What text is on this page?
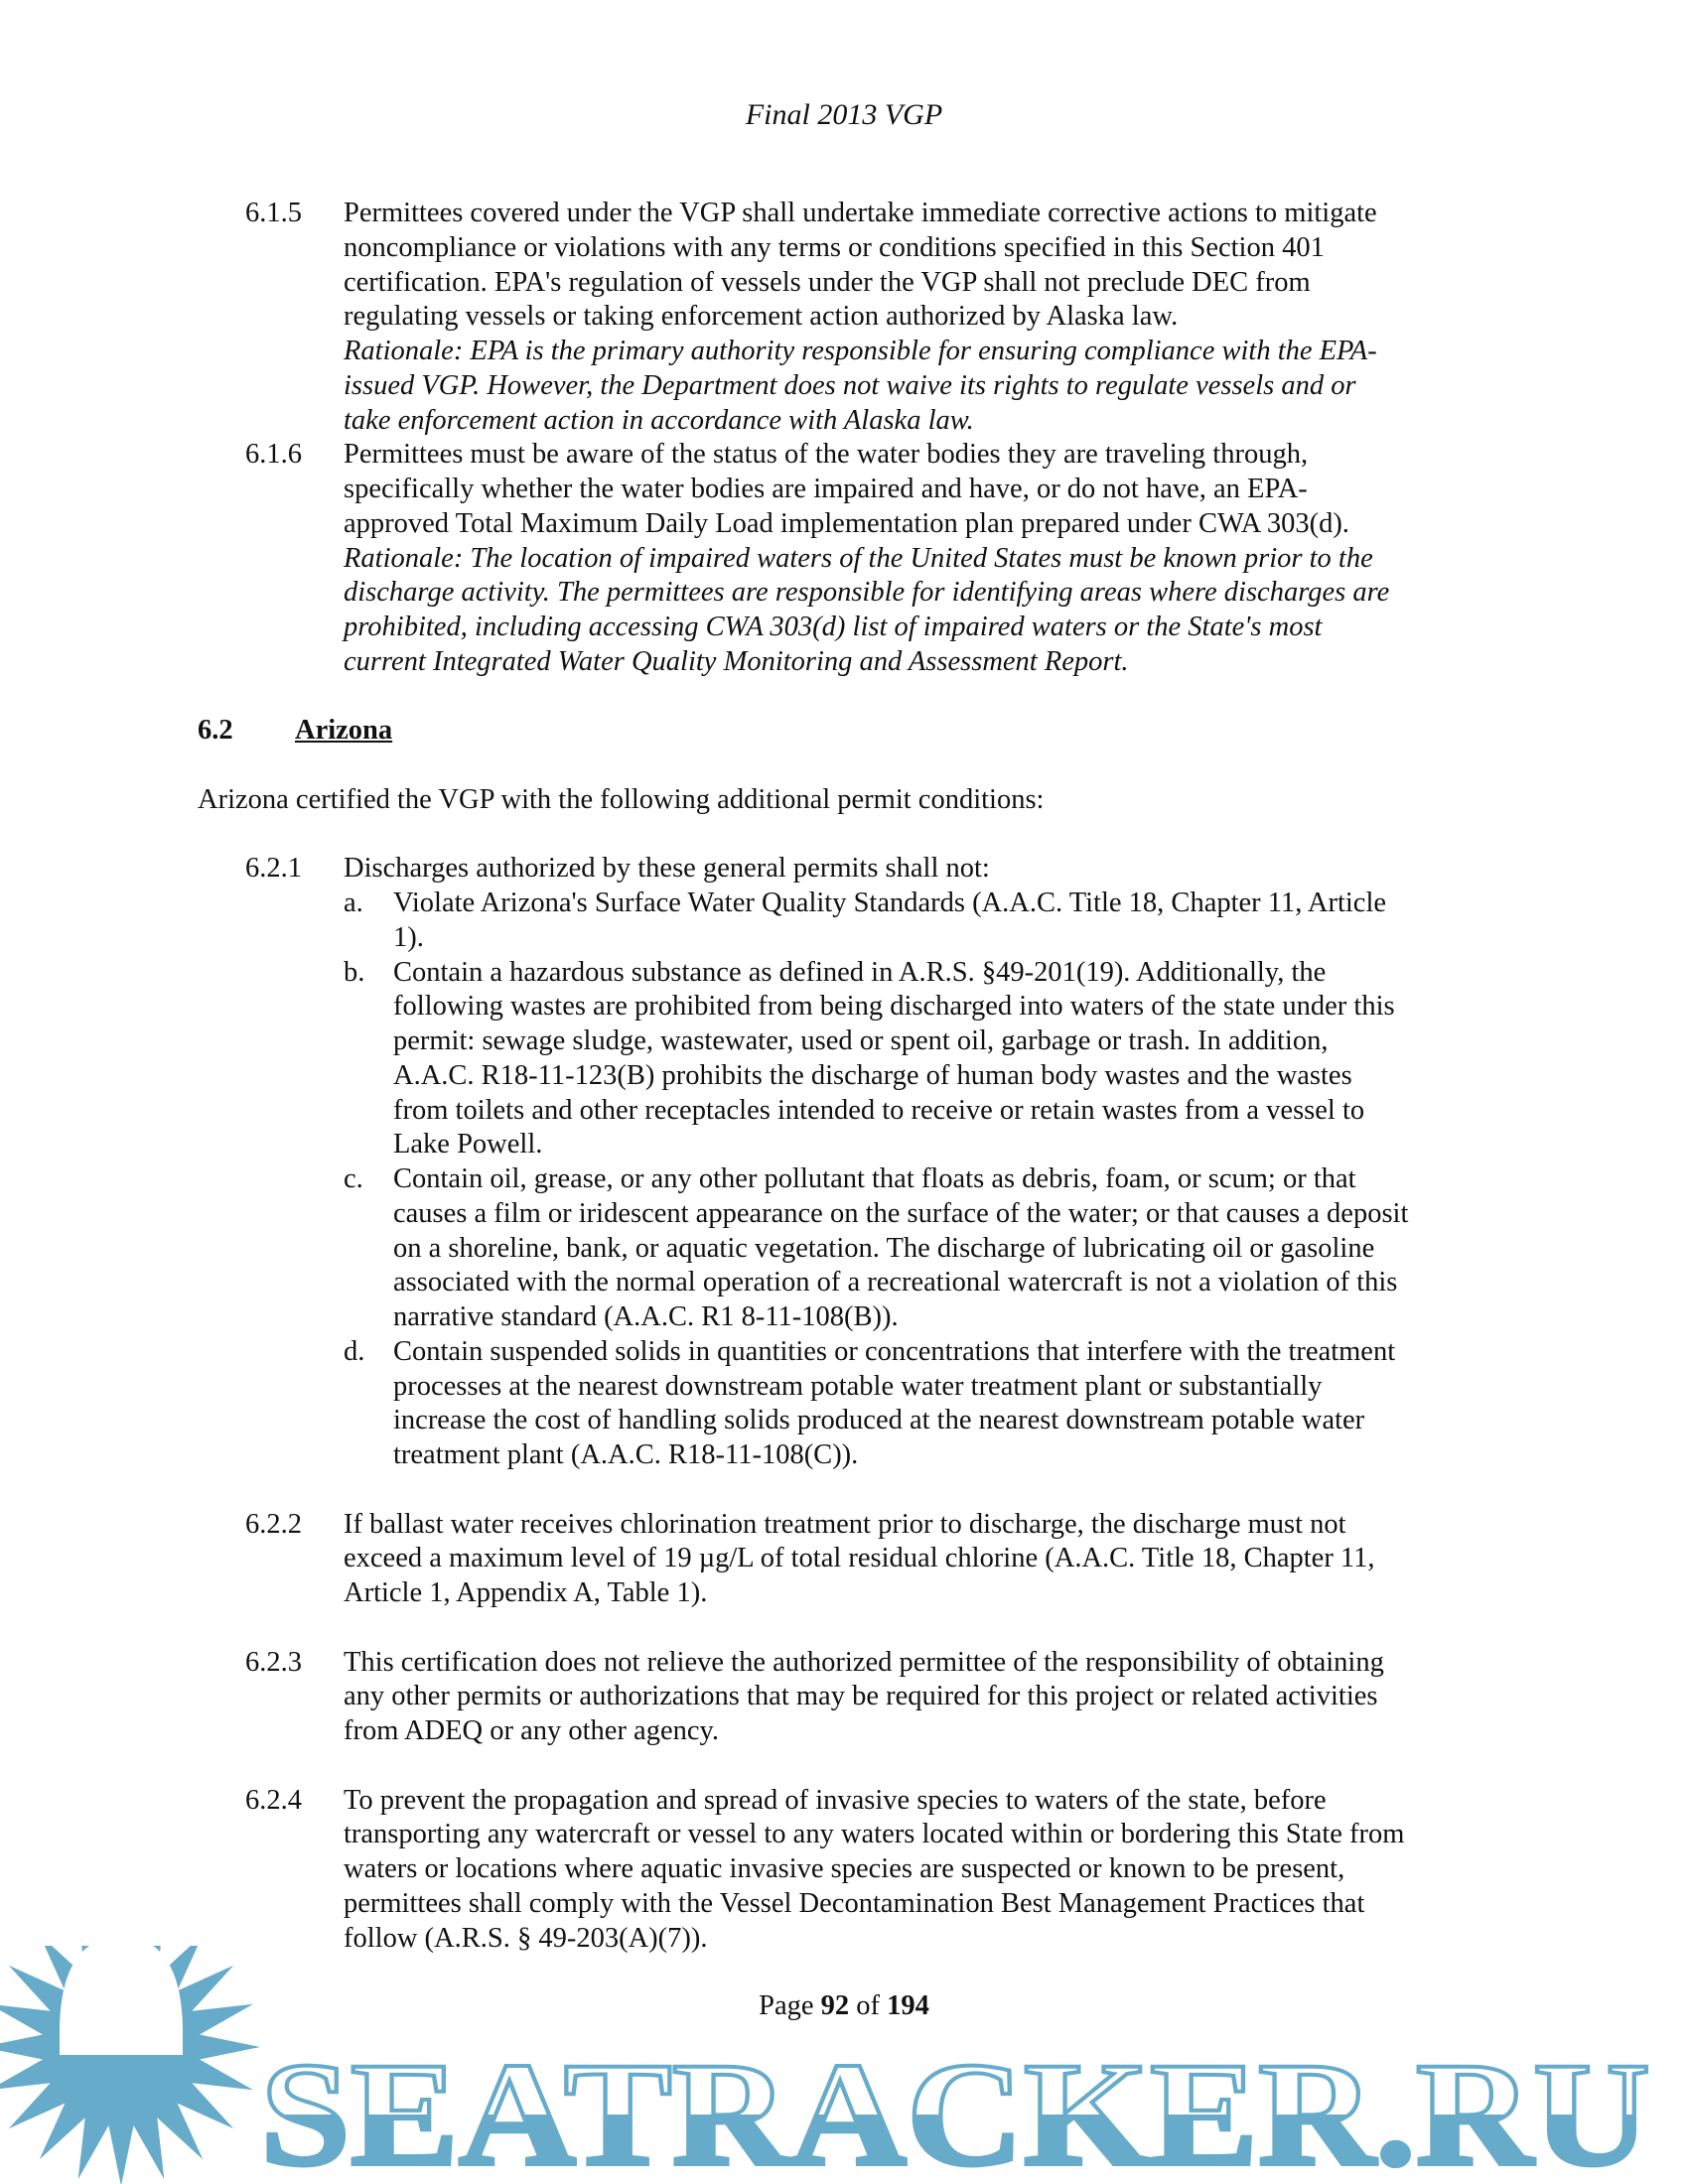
Final 2013 VGP
6.1.5 Permittees covered under the VGP shall undertake immediate corrective actions to mitigate
noncompliance or violations with any terms or conditions specified in this Section 401
certification. EPA's regulation of vessels under the VGP shall not preclude DEC from
regulating vessels or taking enforcement action authorized by Alaska law.
Rationale: EPA is the primary authority responsible for ensuring compliance with the EPA-
issued VGP. However, the Department does not waive its rights to regulate vessels and or
take enforcement action in accordance with Alaska law.
6.1.6 Permittees must be aware of the status of the water bodies they are traveling through,
specifically whether the water bodies are impaired and have, or do not have, an EPA-
approved Total Maximum Daily Load implementation plan prepared under CWA 303(d).
Rationale: The location of impaired waters of the United States must be known prior to the
discharge activity. The permittees are responsible for identifying areas where discharges are
prohibited, including accessing CWA 303(d) list of impaired waters or the State's most
current Integrated Water Quality Monitoring and Assessment Report.
6.2 Arizona

Arizona certified the VGP with the following additional permit conditions:
6.2.1 Discharges authorized by these general permits shall not:
a. Violate Arizona's Surface Water Quality Standards (A.A.C. Title 18, Chapter 11, Article
1).
b. Contain a hazardous substance as defined in A.R.S. §49-201(19). Additionally, the
following wastes are prohibited from being discharged into waters of the state under this
permit: sewage sludge, wastewater, used or spent oil, garbage or trash. In addition,
A.A.C. R18-11-123(B) prohibits the discharge of human body wastes and the wastes
from toilets and other receptacles intended to receive or retain wastes from a vessel to
Lake Powell.
c. Contain oil, grease, or any other pollutant that floats as debris, foam, or scum; or that
causes a film or iridescent appearance on the surface of the water; or that causes a deposit
on a shoreline, bank, or aquatic vegetation. The discharge of lubricating oil or gasoline
associated with the normal operation of a recreational watercraft is not a violation of this
narrative standard (A.A.C. R1 8-11-108(B)).
d. Contain suspended solids in quantities or concentrations that interfere with the treatment
processes at the nearest downstream potable water treatment plant or substantially
increase the cost of handling solids produced at the nearest downstream potable water
treatment plant (A.A.C. R18-11-108(C)).
6.2.2 If ballast water receives chlorination treatment prior to discharge, the discharge must not
exceed a maximum level of 19 µg/L of total residual chlorine (A.A.C. Title 18, Chapter 11,
Article 1, Appendix A, Table 1).
6.2.3 This certification does not relieve the authorized permittee of the responsibility of obtaining
any other permits or authorizations that may be required for this project or related activities
from ADEQ or any other agency.
6.2.4 To prevent the propagation and spread of invasive species to waters of the state, before
transporting any watercraft or vessel to any waters located within or bordering this State from
waters or locations where aquatic invasive species are suspected or known to be present,
permittees shall comply with the Vessel Decontamination Best Management Practices that
follow (A.R.S. § 49-203(A)(7)).
SEATRACKER.RU
Page 92 of 194
